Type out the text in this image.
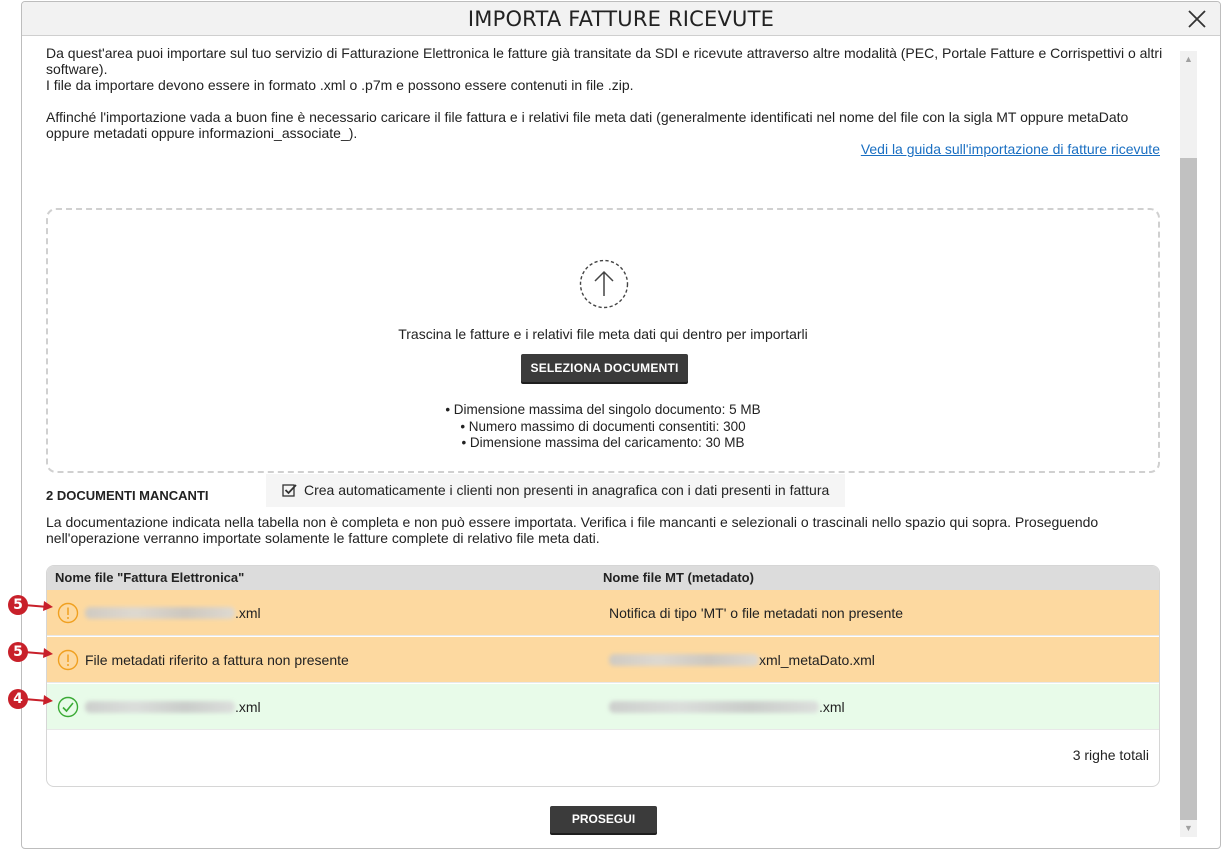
IMPORTA FATTURE RICEVUTE

Da quest'area puoi importare sul tuo servizio di Fatturazione Elettronica le fatture già transitate da SDI e ricevute attraverso altre modalità (PEC, Portale Fatture e Corrispettivi o altri software).

I file da importare devono essere in formato .xml o .p7m e possono essere contenuti in file .zip.

Affinché l'importazione vada a buon fine è necessario caricare il file fattura e i relativi file meta dati (generalmente identificati nel nome del file con la sigla MT oppure metaDato oppure metadati oppure informazioni_associate_).

Vedi la guida sull'importazione di fatture ricevute
Trascina le fatture e i relativi file meta dati qui dentro per importarli
SELEZIONA DOCUMENTI
• Dimensione massima del singolo documento: 5 MB
• Numero massimo di documenti consentiti: 300
• Dimensione massima del caricamento: 30 MB
2 DOCUMENTI MANCANTI	Crea automaticamente i clienti non presenti in anagrafica con i dati presenti in fattura
La documentazione indicata nella tabella non è completa e non può essere importata. Verifica i file mancanti e selezionali o trascinali nello spazio qui sopra. Proseguendo nell'operazione verranno importate solamente le fatture complete di relativo file meta dati.
Nome file "Fattura Elettronica"	Nome file MT (metadato)
.xml	Notifica di tipo 'MT' o file metadati non presente
File metadati riferito a fattura non presente	xml_metaDato.xml
.xml	.xml
3 righe totali
PROSEGUI
▲
▼
5
5
4
